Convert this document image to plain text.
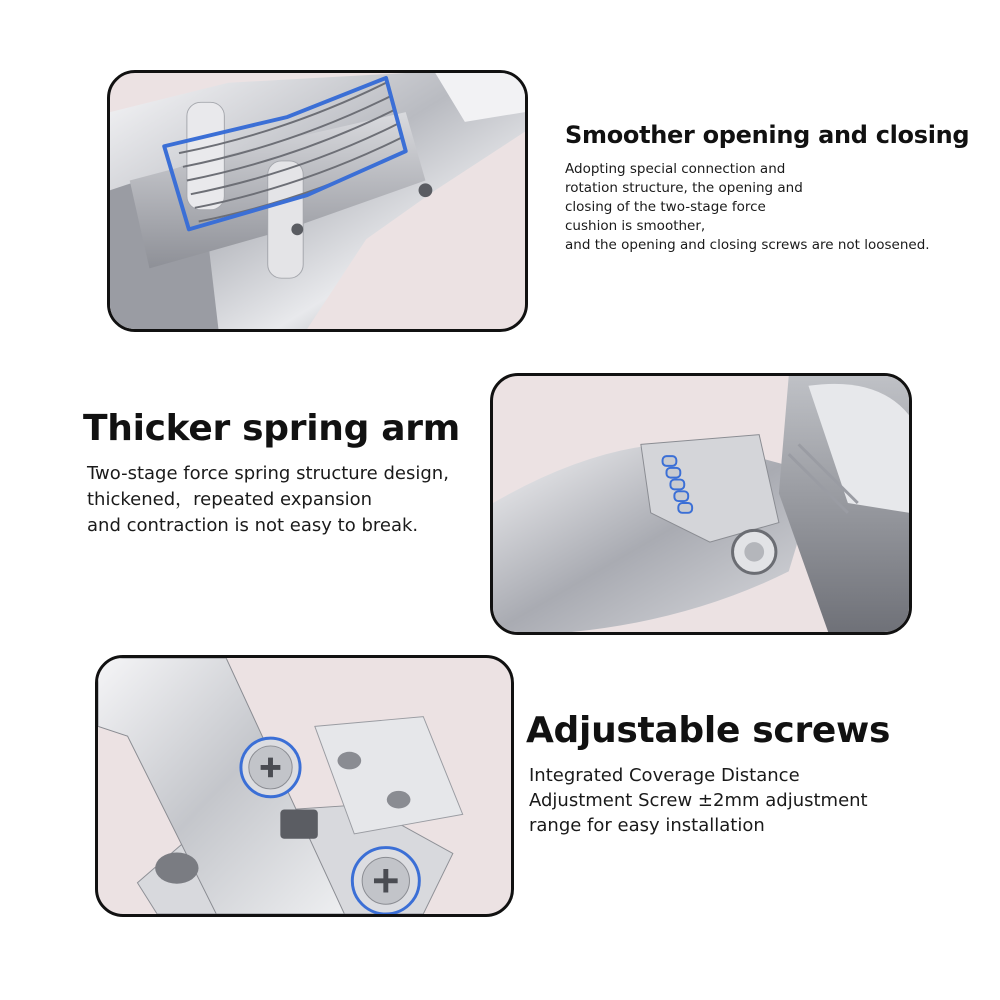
Smoother opening and closing

Adopting special connection and
rotation structure, the opening and
closing of the two-stage force
cushion is smoother,
and the opening and closing screws are not loosened.

Thicker spring arm

Two-stage force spring structure design,
thickened，repeated expansion
and contraction is not easy to break.

Adjustable screws

Integrated Coverage Distance
Adjustment Screw ±2mm adjustment
range for easy installation
